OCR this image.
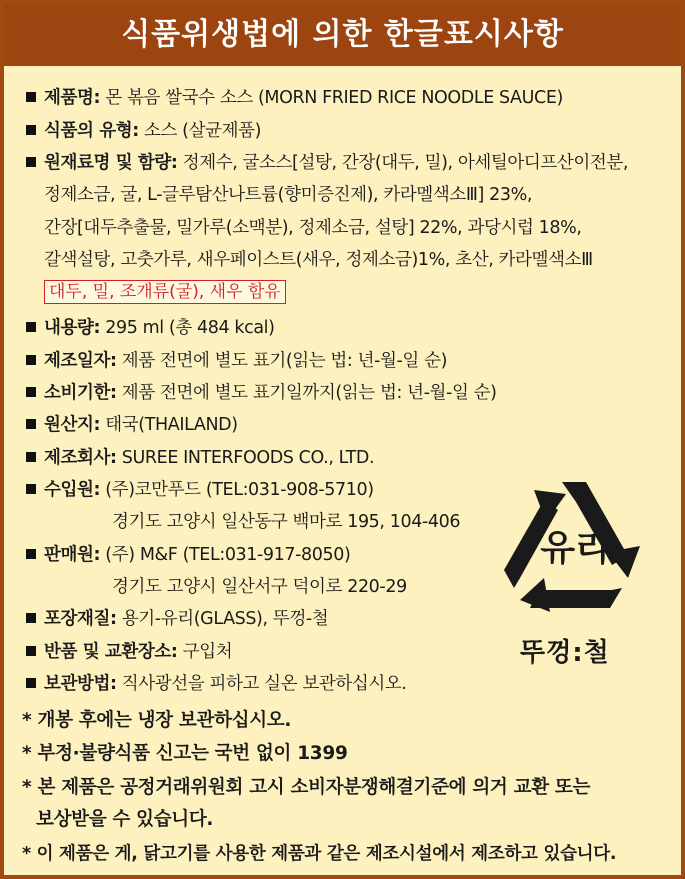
식품위생법에 의한 한글표시사항
제품명: 몬 볶음 쌀국수 소스 (MORN FRIED RICE NOODLE SAUCE)
식품의 유형: 소스 (살균제품)
원재료명 및 함량: 정제수, 굴소스[설탕, 간장(대두, 밀), 아세틸아디프산이전분,
정제소금, 굴, L-글루탐산나트륨(향미증진제), 카라멜색소Ⅲ] 23%,
간장[대두추출물, 밀가루(소맥분), 정제소금, 설탕] 22%, 과당시럽 18%,
갈색설탕, 고춧가루, 새우페이스트(새우, 정제소금)1%, 초산, 카라멜색소Ⅲ
대두, 밀, 조개류(굴), 새우 함유
내용량: 295 ml (총 484 kcal)
제조일자: 제품 전면에 별도 표기(읽는 법: 년-월-일 순)
소비기한: 제품 전면에 별도 표기일까지(읽는 법: 년-월-일 순)
원산지: 태국(THAILAND)
제조회사: SUREE INTERFOODS CO., LTD.
수입원: (주)코만푸드 (TEL:031-908-5710)
경기도 고양시 일산동구 백마로 195, 104-406
판매원: (주) M&F (TEL:031-917-8050)
경기도 고양시 일산서구 덕이로 220-29
포장재질: 용기-유리(GLASS), 뚜껑-철
반품 및 교환장소: 구입처
보관방법: 직사광선을 피하고 실온 보관하십시오.
* 개봉 후에는 냉장 보관하십시오.
* 부정·불량식품 신고는 국번 없이 1399
* 본 제품은 공정거래위원회 고시 소비자분쟁해결기준에 의거 교환 또는
보상받을 수 있습니다.
* 이 제품은 게, 닭고기를 사용한 제품과 같은 제조시설에서 제조하고 있습니다.
유리
뚜껑:철
